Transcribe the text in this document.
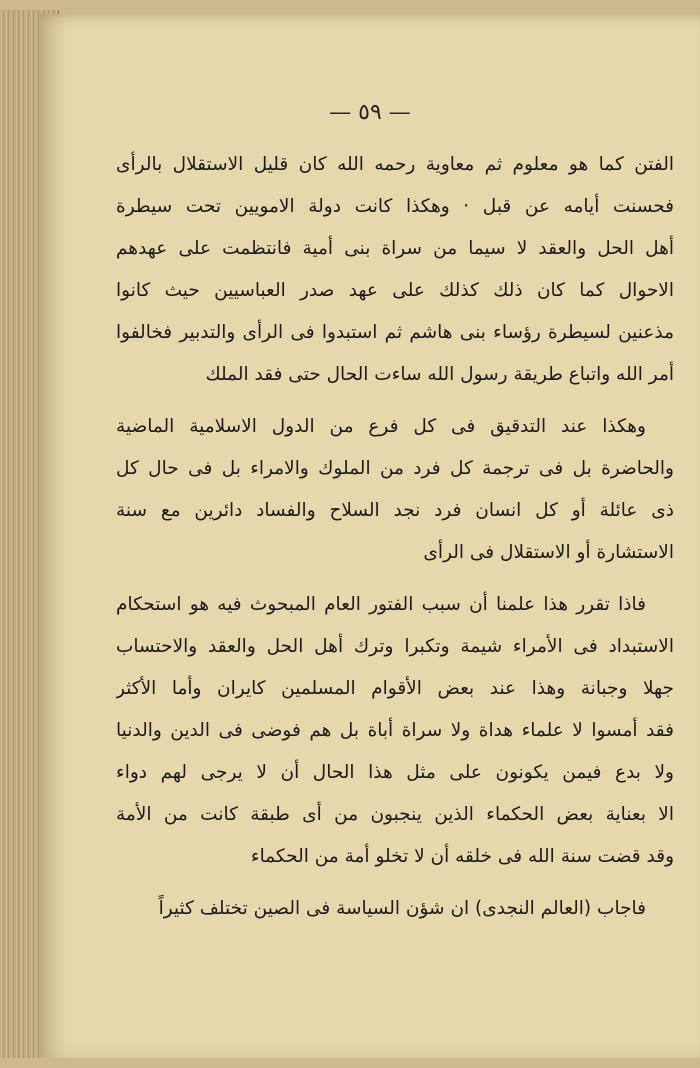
— ٥٩ —
الفتن كما هو معلوم ثم معاوية رحمه الله كان قليل الاستقلال بالرأى
فحسنت أيامه عن قبل · وهكذا كانت دولة الامويين تحت سيطرة
أهل الحل والعقد لا سيما من سراة بنى أمية فانتظمت على عهدهم
الاحوال كما كان ذلك كذلك على عهد صدر العباسيين حيث كانوا
مذعنين لسيطرة رؤساء بنى هاشم ثم استبدوا فى الرأى والتدبير فخالفوا
أمر الله واتباع طريقة رسول الله ساءت الحال حتى فقد الملك
وهكذا عند التدقيق فى كل فرع من الدول الاسلامية الماضية
والحاضرة بل فى ترجمة كل فرد من الملوك والامراء بل فى حال كل
ذى عائلة أو كل انسان فرد نجد السلاح والفساد دائرين مع سنة
الاستشارة أو الاستقلال فى الرأى
فاذا تقرر هذا علمنا أن سبب الفتور العام المبحوث فيه هو استحكام
الاستبداد فى الأمراء شيمة وتكبرا وترك أهل الحل والعقد والاحتساب
جهلا وجبانة وهذا عند بعض الأقوام المسلمين كايران وأما الأكثر
فقد أمسوا لا علماء هداة ولا سراة أباة بل هم فوضى فى الدين والدنيا
ولا بدع فيمن يكونون على مثل هذا الحال أن لا يرجى لهم دواء
الا بعناية بعض الحكماء الذين ينجبون من أى طبقة كانت من الأمة
وقد قضت سنة الله فى خلقه أن لا تخلو أمة من الحكماء
فاجاب (العالم النجدى) ان شؤن السياسة فى الصين تختلف كثيراً
